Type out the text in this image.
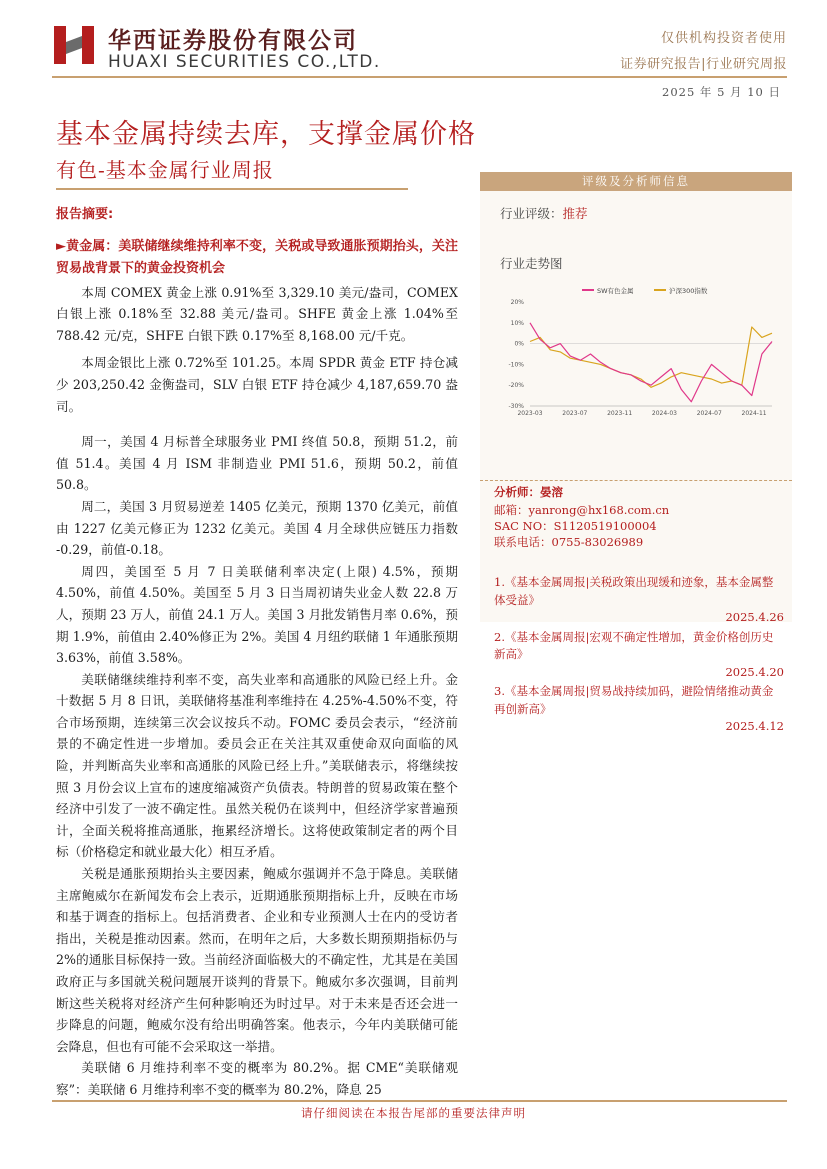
华西证券股份有限公司
HUAXI SECURITIES CO.,LTD.
仅供机构投资者使用
证券研究报告|行业研究周报
2025 年 5 月 10 日
基本金属持续去库，支撑金属价格
有色-基本金属行业周报
报告摘要:
►黄金属：美联储继续维持利率不变，关税或导致通胀预期抬头，关注贸易战背景下的黄金投资机会

本周 COMEX 黄金上涨 0.91%至 3,329.10 美元/盎司，COMEX 白银上涨 0.18%至 32.88 美元/盎司。SHFE 黄金上涨 1.04%至 788.42 元/克，SHFE 白银下跌 0.17%至 8,168.00 元/千克。

本周金银比上涨 0.72%至 101.25。本周 SPDR 黄金 ETF 持仓减少 203,250.42 金衡盎司，SLV 白银 ETF 持仓减少 4,187,659.70 盎司。

周一，美国 4 月标普全球服务业 PMI 终值 50.8，预期 51.2，前值 51.4。美国 4 月 ISM 非制造业 PMI 51.6，预期 50.2，前值 50.8。

周二，美国 3 月贸易逆差 1405 亿美元，预期 1370 亿美元，前值由 1227 亿美元修正为 1232 亿美元。美国 4 月全球供应链压力指数 -0.29，前值-0.18。

周四，美国至 5 月 7 日美联储利率决定(上限) 4.5%，预期 4.50%，前值 4.50%。美国至 5 月 3 日当周初请失业金人数 22.8 万人，预期 23 万人，前值 24.1 万人。美国 3 月批发销售月率 0.6%，预期 1.9%，前值由 2.40%修正为 2%。美国 4 月纽约联储 1 年通胀预期 3.63%，前值 3.58%。

美联储继续维持利率不变，高失业率和高通胀的风险已经上升。金十数据 5 月 8 日讯，美联储将基准利率维持在 4.25%-4.50%不变，符合市场预期，连续第三次会议按兵不动。FOMC 委员会表示，“经济前景的不确定性进一步增加。委员会正在关注其双重使命双向面临的风险，并判断高失业率和高通胀的风险已经上升。”美联储表示，将继续按照 3 月份会议上宣布的速度缩减资产负债表。特朗普的贸易政策在整个经济中引发了一波不确定性。虽然关税仍在谈判中，但经济学家普遍预计，全面关税将推高通胀，拖累经济增长。这将使政策制定者的两个目标（价格稳定和就业最大化）相互矛盾。

关税是通胀预期抬头主要因素，鲍威尔强调并不急于降息。美联储主席鲍威尔在新闻发布会上表示，近期通胀预期指标上升，反映在市场和基于调查的指标上。包括消费者、企业和专业预测人士在内的受访者指出，关税是推动因素。然而，在明年之后，大多数长期预期指标仍与 2%的通胀目标保持一致。当前经济面临极大的不确定性，尤其是在美国政府正与多国就关税问题展开谈判的背景下。鲍威尔多次强调，目前判断这些关税将对经济产生何种影响还为时过早。对于未来是否还会进一步降息的问题，鲍威尔没有给出明确答案。他表示，今年内美联储可能会降息，但也有可能不会采取这一举措。

美联储 6 月维持利率不变的概率为 80.2%。据 CME“美联储观察”：美联储 6 月维持利率不变的概率为 80.2%，降息 25

评级及分析师信息
行业评级：推荐
行业走势图
SW有色金属	沪深300指数
20%
10%
0%
-10%
-20%
-30%
2023-03	2023-07	2023-11	2024-03	2024-07	2024-11
分析师：晏溶
邮箱：yanrong@hx168.com.cn
SAC NO：S1120519100004
联系电话：0755-83026989

1.《基本金属周报|关税政策出现缓和迹象，基本金属整体受益》

2025.4.26

2.《基本金属周报|宏观不确定性增加，黄金价格创历史新高》

2025.4.20

3.《基本金属周报|贸易战持续加码，避险情绪推动黄金再创新高》

2025.4.12

请仔细阅读在本报告尾部的重要法律声明
